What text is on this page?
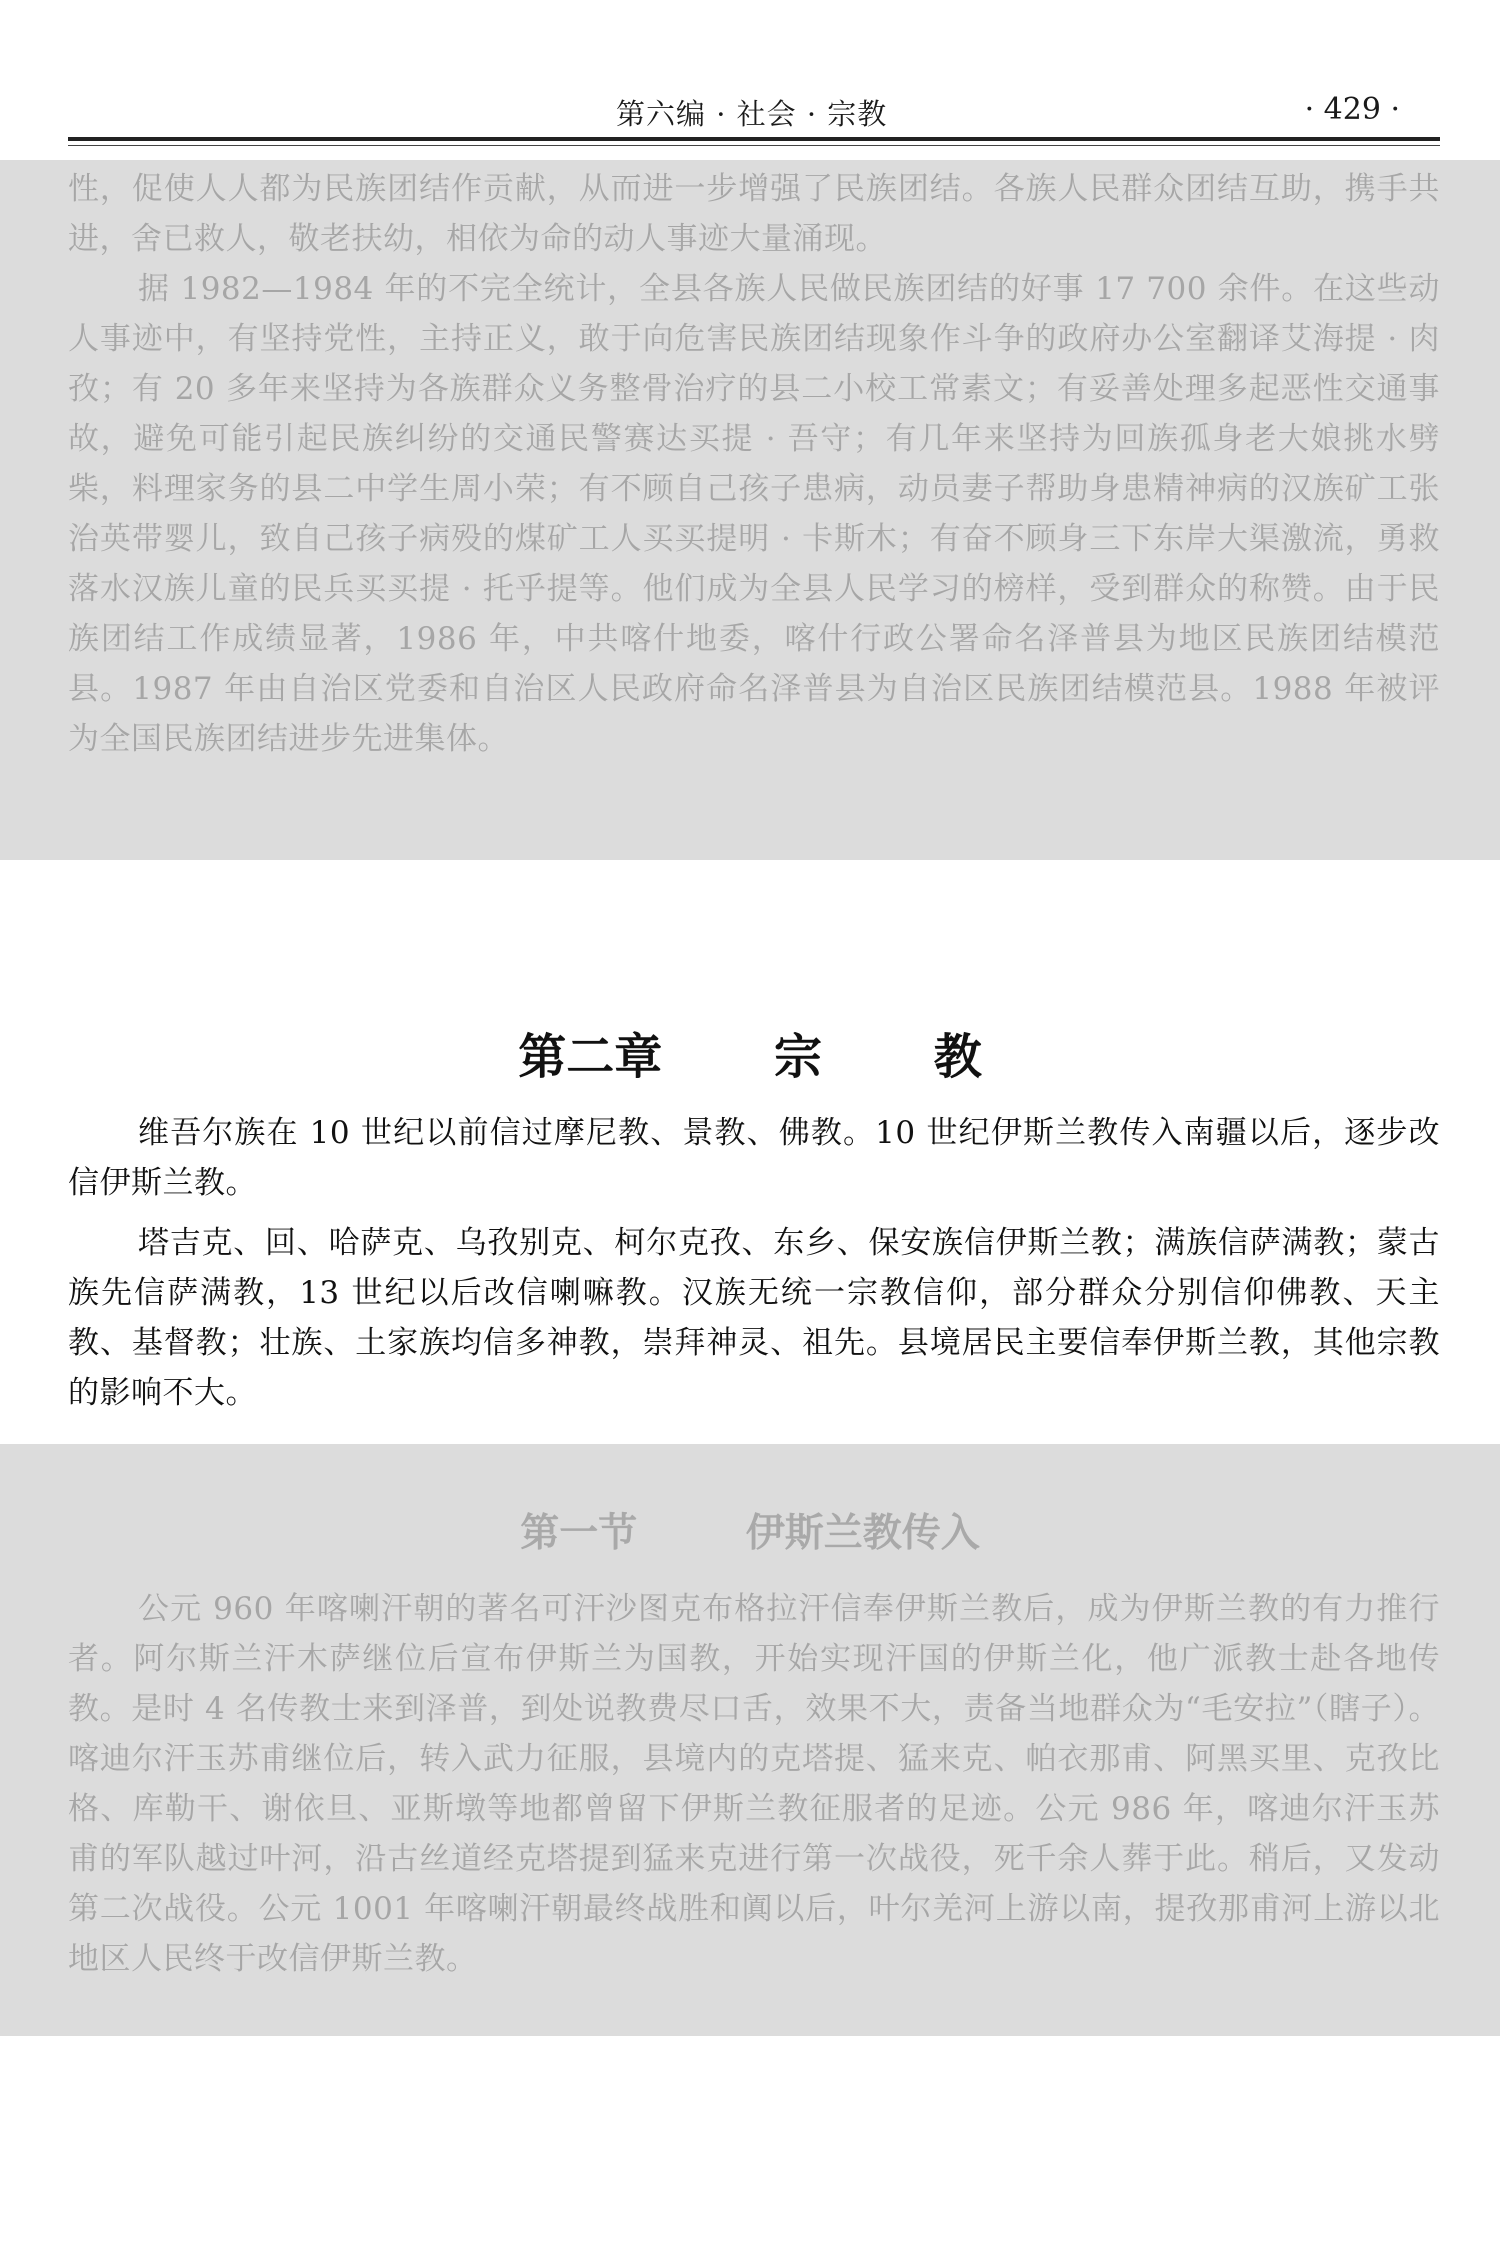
第六编 · 社会 · 宗教	· 429 ·

性，促使人人都为民族团结作贡献，从而进一步增强了民族团结。各族人民群众团结互助，携手共进，舍已救人，敬老扶幼，相依为命的动人事迹大量涌现。

据 1982—1984 年的不完全统计，全县各族人民做民族团结的好事 17 700 余件。在这些动人事迹中，有坚持党性，主持正义，敢于向危害民族团结现象作斗争的政府办公室翻译艾海提 · 肉孜；有 20 多年来坚持为各族群众义务整骨治疗的县二小校工常素文；有妥善处理多起恶性交通事故，避免可能引起民族纠纷的交通民警赛达买提 · 吾守；有几年来坚持为回族孤身老大娘挑水劈柴，料理家务的县二中学生周小荣；有不顾自己孩子患病，动员妻子帮助身患精神病的汉族矿工张治英带婴儿，致自己孩子病殁的煤矿工人买买提明 · 卡斯木；有奋不顾身三下东岸大渠激流，勇救落水汉族儿童的民兵买买提 · 托乎提等。他们成为全县人民学习的榜样，受到群众的称赞。由于民族团结工作成绩显著，1986 年，中共喀什地委，喀什行政公署命名泽普县为地区民族团结模范县。1987 年由自治区党委和自治区人民政府命名泽普县为自治区民族团结模范县。1988 年被评为全国民族团结进步先进集体。

第二章 宗 教

维吾尔族在 10 世纪以前信过摩尼教、景教、佛教。10 世纪伊斯兰教传入南疆以后，逐步改信伊斯兰教。

塔吉克、回、哈萨克、乌孜别克、柯尔克孜、东乡、保安族信伊斯兰教；满族信萨满教；蒙古族先信萨满教，13 世纪以后改信喇嘛教。汉族无统一宗教信仰，部分群众分别信仰佛教、天主教、基督教；壮族、土家族均信多神教，崇拜神灵、祖先。县境居民主要信奉伊斯兰教，其他宗教的影响不大。

第一节 伊斯兰教传入

公元 960 年喀喇汗朝的著名可汗沙图克布格拉汗信奉伊斯兰教后，成为伊斯兰教的有力推行者。阿尔斯兰汗木萨继位后宣布伊斯兰为国教，开始实现汗国的伊斯兰化，他广派教士赴各地传教。是时 4 名传教士来到泽普，到处说教费尽口舌，效果不大，责备当地群众为“毛安拉”（瞎子）。喀迪尔汗玉苏甫继位后，转入武力征服，县境内的克塔提、猛来克、帕衣那甫、阿黑买里、克孜比格、库勒干、谢依旦、亚斯墩等地都曾留下伊斯兰教征服者的足迹。公元 986 年，喀迪尔汗玉苏甫的军队越过叶河，沿古丝道经克塔提到猛来克进行第一次战役，死千余人葬于此。稍后，又发动第二次战役。公元 1001 年喀喇汗朝最终战胜和阗以后，叶尔羌河上游以南，提孜那甫河上游以北地区人民终于改信伊斯兰教。
